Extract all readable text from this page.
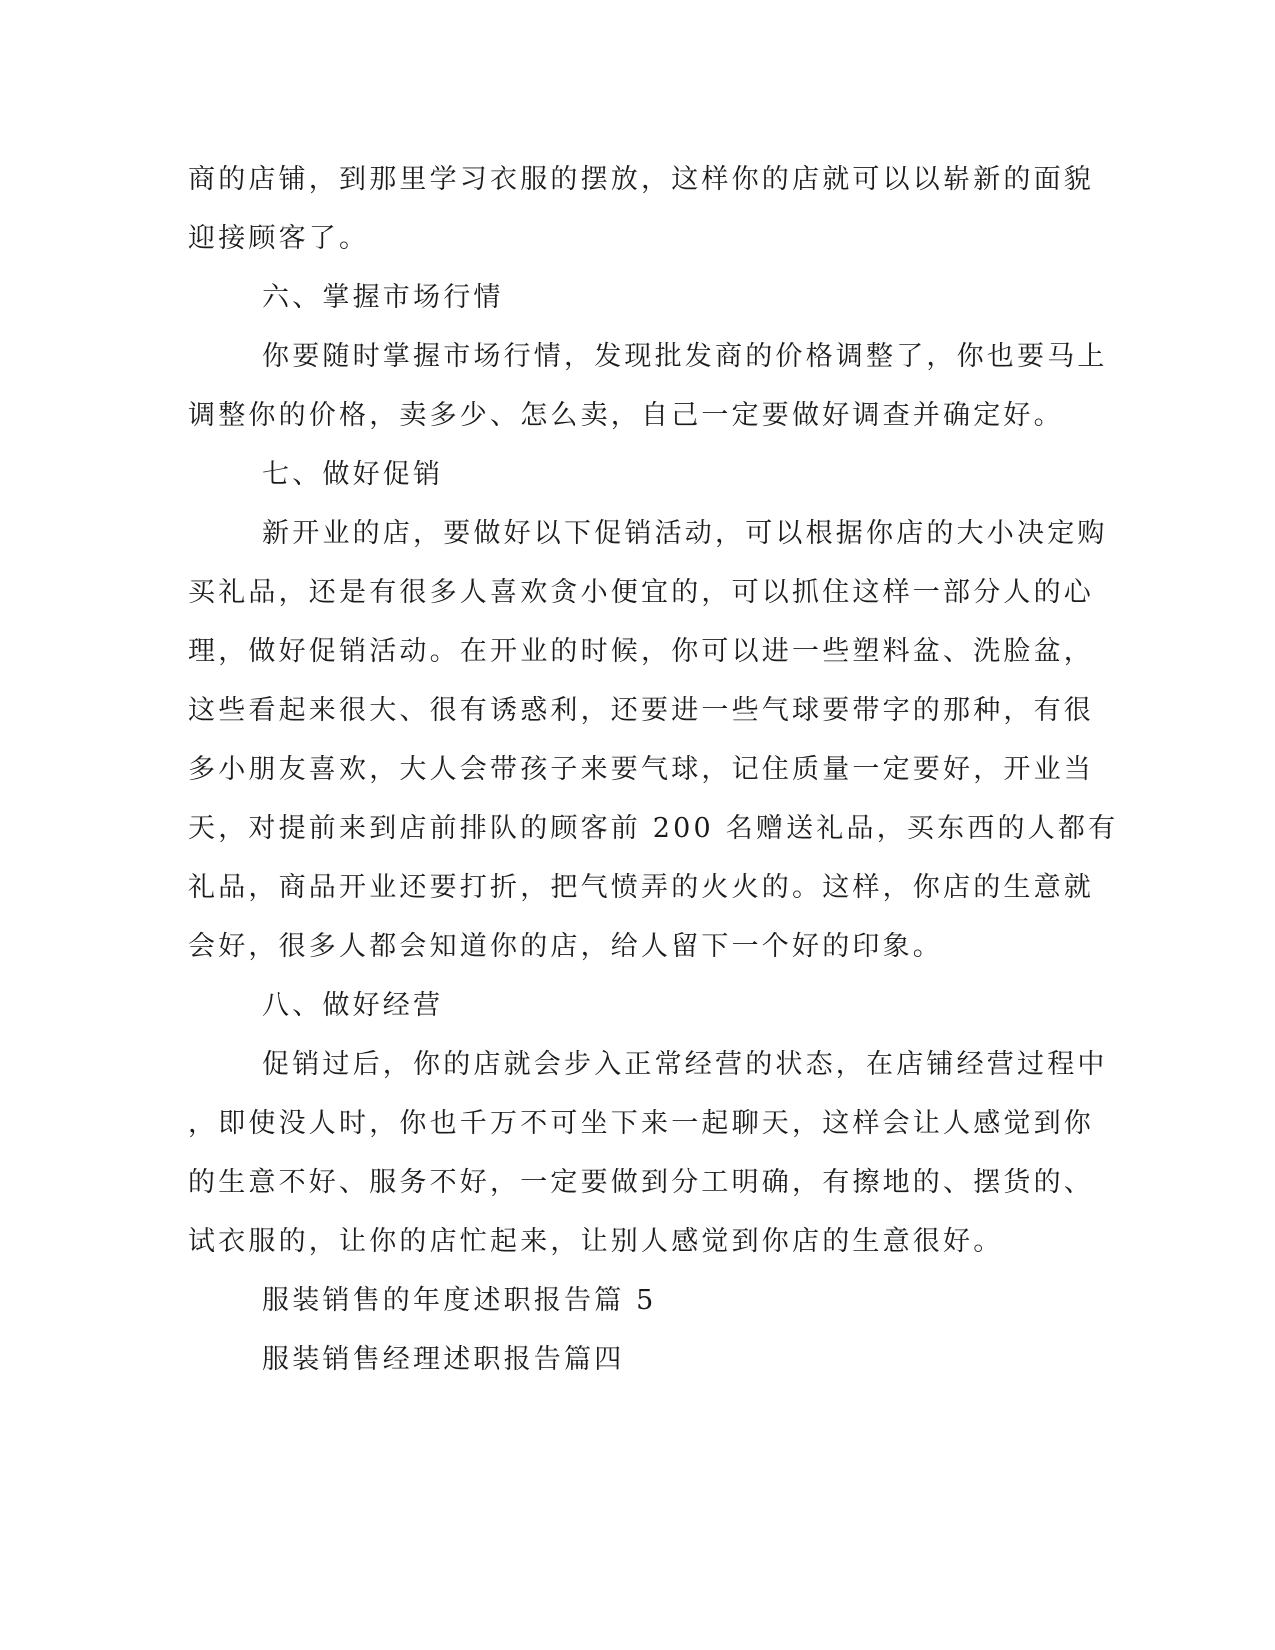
商的店铺，到那里学习衣服的摆放，这样你的店就可以以崭新的面貌
迎接顾客了。
六、掌握市场行情
你要随时掌握市场行情，发现批发商的价格调整了，你也要马上
调整你的价格，卖多少、怎么卖，自己一定要做好调查并确定好。
七、做好促销
新开业的店，要做好以下促销活动，可以根据你店的大小决定购
买礼品，还是有很多人喜欢贪小便宜的，可以抓住这样一部分人的心
理，做好促销活动。在开业的时候，你可以进一些塑料盆、洗脸盆，
这些看起来很大、很有诱惑利，还要进一些气球要带字的那种，有很
多小朋友喜欢，大人会带孩子来要气球，记住质量一定要好，开业当
天，对提前来到店前排队的顾客前 200 名赠送礼品，买东西的人都有
礼品，商品开业还要打折，把气愤弄的火火的。这样，你店的生意就
会好，很多人都会知道你的店，给人留下一个好的印象。
八、做好经营
促销过后，你的店就会步入正常经营的状态，在店铺经营过程中
，即使没人时，你也千万不可坐下来一起聊天，这样会让人感觉到你
的生意不好、服务不好，一定要做到分工明确，有擦地的、摆货的、
试衣服的，让你的店忙起来，让别人感觉到你店的生意很好。
服装销售的年度述职报告篇 5
服装销售经理述职报告篇四
